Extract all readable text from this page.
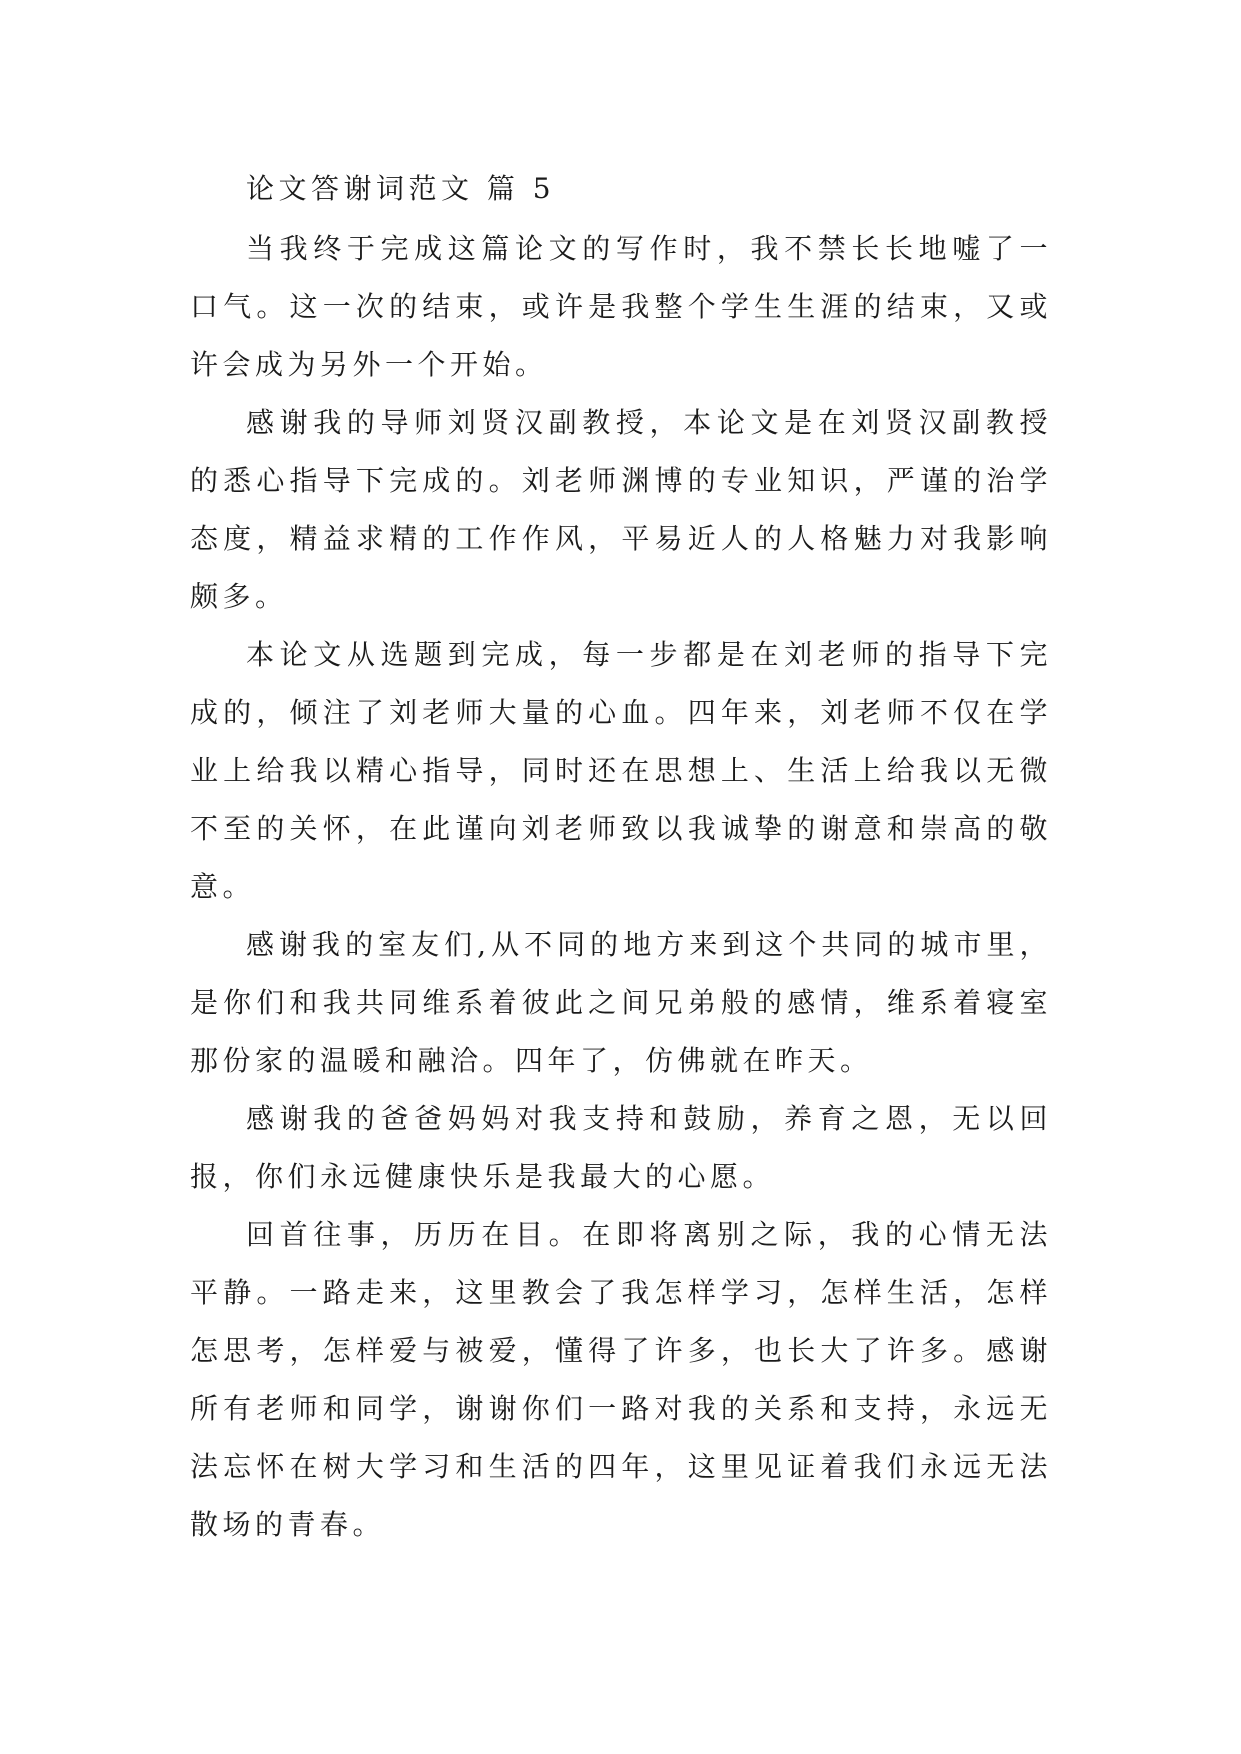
论文答谢词范文 篇 5

当我终于完成这篇论文的写作时，我不禁长长地嘘了一口气。这一次的结束，或许是我整个学生生涯的结束，又或许会成为另外一个开始。

感谢我的导师刘贤汉副教授，本论文是在刘贤汉副教授的悉心指导下完成的。刘老师渊博的专业知识，严谨的治学态度，精益求精的工作作风，平易近人的人格魅力对我影响颇多。

本论文从选题到完成，每一步都是在刘老师的指导下完成的，倾注了刘老师大量的心血。四年来，刘老师不仅在学业上给我以精心指导，同时还在思想上、生活上给我以无微不至的关怀，在此谨向刘老师致以我诚挚的谢意和崇高的敬意。

感谢我的室友们,从不同的地方来到这个共同的城市里，是你们和我共同维系着彼此之间兄弟般的感情，维系着寝室那份家的温暖和融洽。四年了，仿佛就在昨天。

感谢我的爸爸妈妈对我支持和鼓励，养育之恩，无以回报，你们永远健康快乐是我最大的心愿。

回首往事，历历在目。在即将离别之际，我的心情无法平静。一路走来，这里教会了我怎样学习，怎样生活，怎样怎思考，怎样爱与被爱，懂得了许多，也长大了许多。感谢所有老师和同学，谢谢你们一路对我的关系和支持，永远无法忘怀在树大学习和生活的四年，这里见证着我们永远无法散场的青春。
